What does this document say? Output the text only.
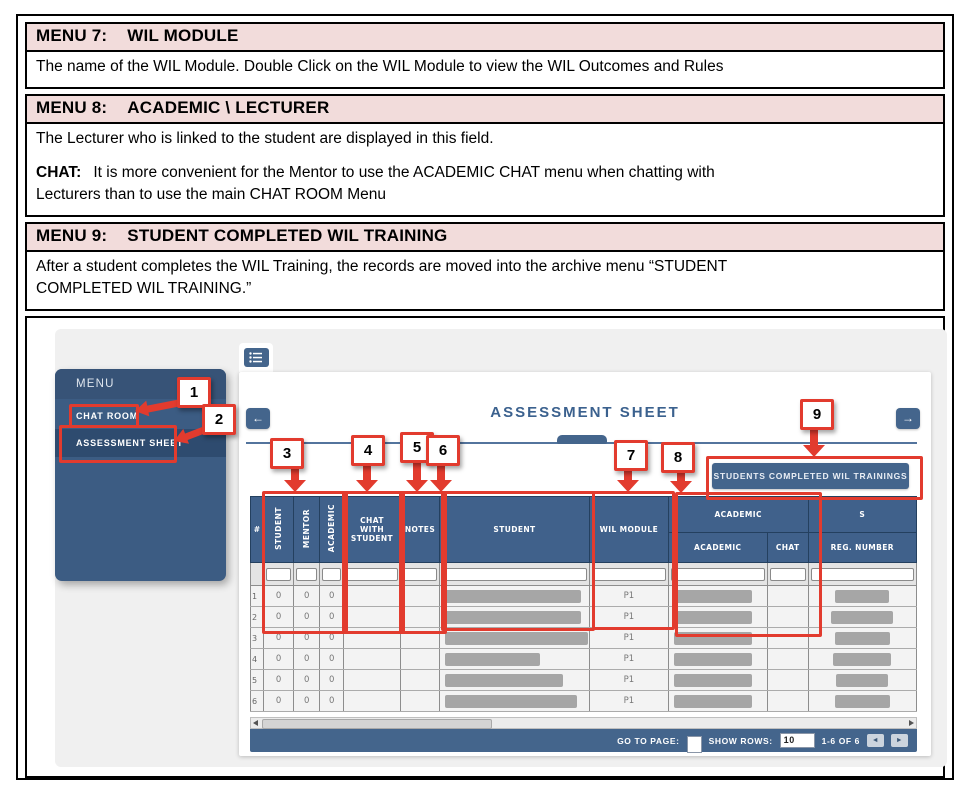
MENU 7: WIL MODULE

The name of the WIL Module. Double Click on the WIL Module to view the WIL Outcomes and Rules

MENU 8: ACADEMIC \ LECTURER

The Lecturer who is linked to the student are displayed in this field.

CHAT: It is more convenient for the Mentor to use the ACADEMIC CHAT menu when chatting with
Lecturers than to use the main CHAT ROOM Menu

MENU 9: STUDENT COMPLETED WIL TRAINING

After a student completes the WIL Training, the records are moved into the archive menu “STUDENT
COMPLETED WIL TRAINING.”

MENU
CHAT ROOM
ASSESSMENT SHEET
←	→
ASSESSMENT SHEET
STUDENTS COMPLETED WIL TRAININGS
#	STUDENT	MENTOR	ACADEMIC	CHAT WITH STUDENT	NOTES	STUDENT	WIL MODULE	ACADEMIC		S
								ACADEMIC	CHAT	REG. NUMBER

1	0	0	0				P1	

2	0	0	0				P1	

3	0	0	0				P1	

4	0	0	0				P1	

5	0	0	0				P1	

6	0	0	0				P1	

GO TO PAGE:	SHOW ROWS:	10	1-6 OF 6	◄	►
1
2
3	4	5	6	7	8
9
